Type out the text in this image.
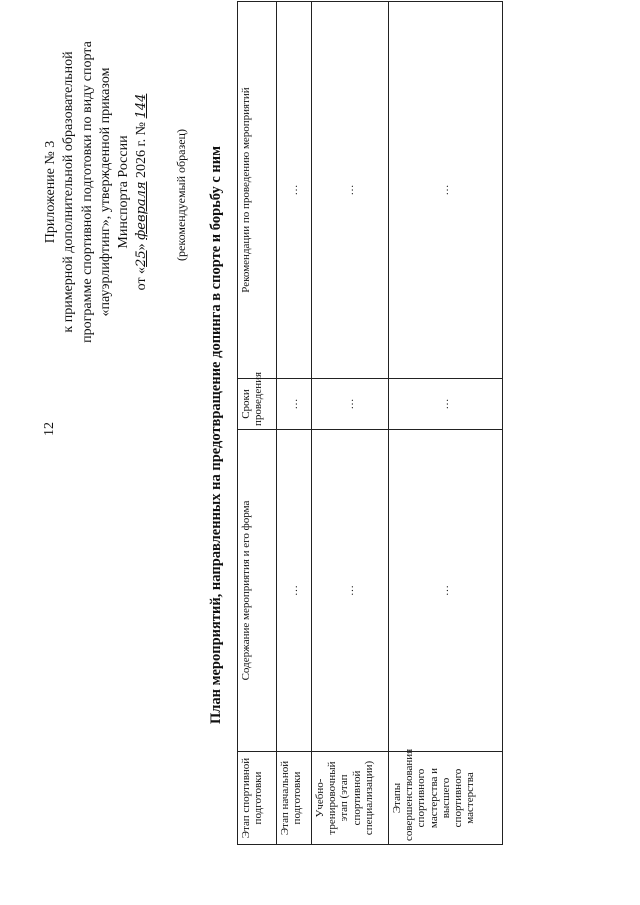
12
Приложение № 3 к примерной дополнительной образовательной программе спортивной подготовки по виду спорта «пауэрлифтинг», утвержденной приказом Минспорта России
от «25» февраля 2026 г. № 144
(рекомендуемый образец) План мероприятий, направленных на предотвращение допинга в спорте и борьбу с ним
Этап спортивной подготовки	Содержание мероприятия и его форма	Сроки проведения	Рекомендации по проведению мероприятий
Этап начальной подготовки	…	…	…
Учебно-тренировочный этап (этап спортивной специализации)	…	…	…
Этапы совершенствования спортивного мастерства и высшего спортивного мастерства	…	…	…
